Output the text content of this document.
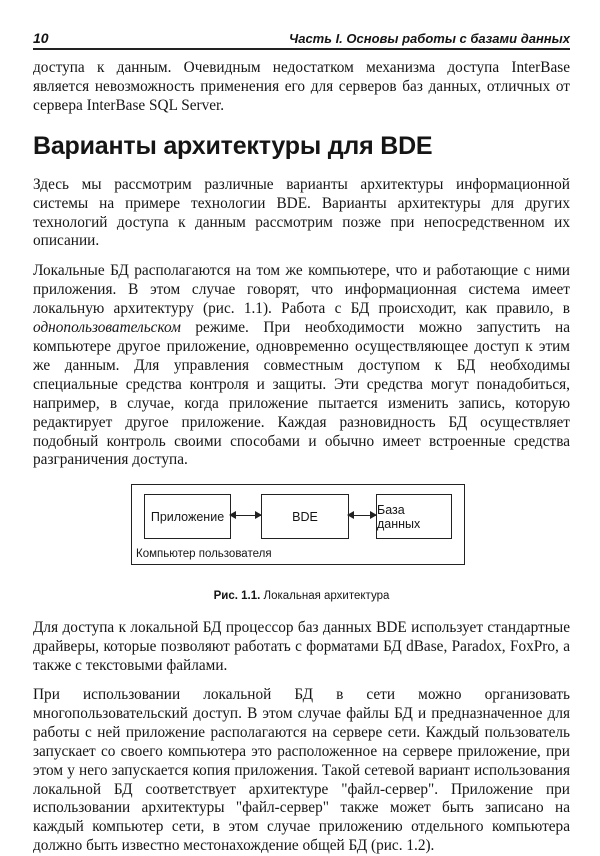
10	Часть I. Основы работы с базами данных

доступа к данным. Очевидным недостатком механизма доступа InterBase является невозможность применения его для серверов баз данных, отличных от сервера InterBase SQL Server.

Варианты архитектуры для BDE

Здесь мы рассмотрим различные варианты архитектуры информационной системы на примере технологии BDE. Варианты архитектуры для других технологий доступа к данным рассмотрим позже при непосредственном их описании.

Локальные БД располагаются на том же компьютере, что и работающие с ними приложения. В этом случае говорят, что информационная система имеет локальную архитектуру (рис. 1.1). Работа с БД происходит, как правило, в однопользовательском режиме. При необходимости можно запустить на компьютере другое приложение, одновременно осуществляющее доступ к этим же данным. Для управления совместным доступом к БД необходимы специальные средства контроля и защиты. Эти средства могут понадобиться, например, в случае, когда приложение пытается изменить запись, которую редактирует другое приложение. Каждая разновидность БД осуществляет подобный контроль своими способами и обычно имеет встроенные средства разграничения доступа.

Приложение	BDE	База данных
Компьютер пользователя
Рис. 1.1. Локальная архитектура

Для доступа к локальной БД процессор баз данных BDE использует стандартные драйверы, которые позволяют работать с форматами БД dBase, Paradox, FoxPro, а также с текстовыми файлами.

При использовании локальной БД в сети можно организовать многопользовательский доступ. В этом случае файлы БД и предназначенное для работы с ней приложение располагаются на сервере сети. Каждый пользователь запускает со своего компьютера это расположенное на сервере приложение, при этом у него запускается копия приложения. Такой сетевой вариант использования локальной БД соответствует архитектуре "файл-сервер". Приложение при использовании архитектуры "файл-сервер" также может быть записано на каждый компьютер сети, в этом случае приложению отдельного компьютера должно быть известно местонахождение общей БД (рис. 1.2).
